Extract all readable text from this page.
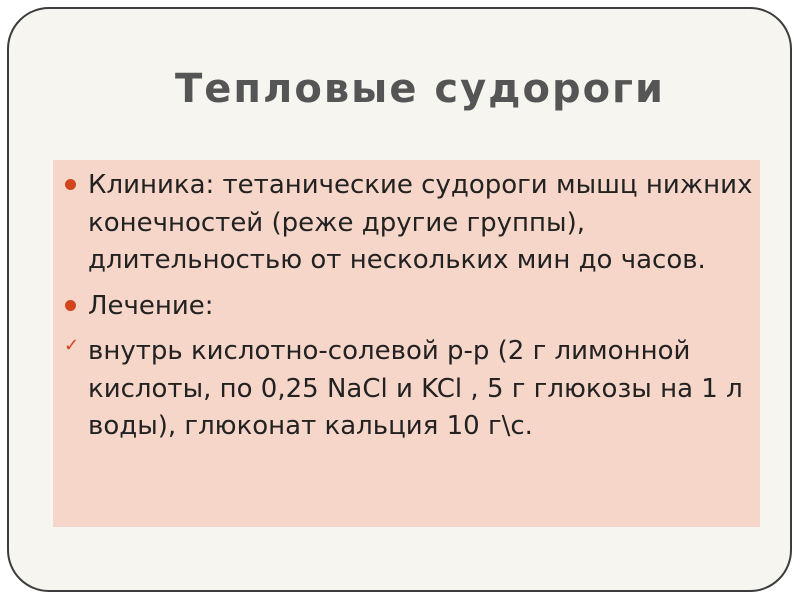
Тепловые судороги
Клиника: тетанические судороги мышц нижних конечностей (реже другие группы), длительностью от нескольких мин до часов.
Лечение:
✓ внутрь кислотно-солевой р-р (2 г лимонной кислоты, по 0,25 NaCl и KCl , 5 г глюкозы на 1 л воды), глюконат кальция 10 г\с.
